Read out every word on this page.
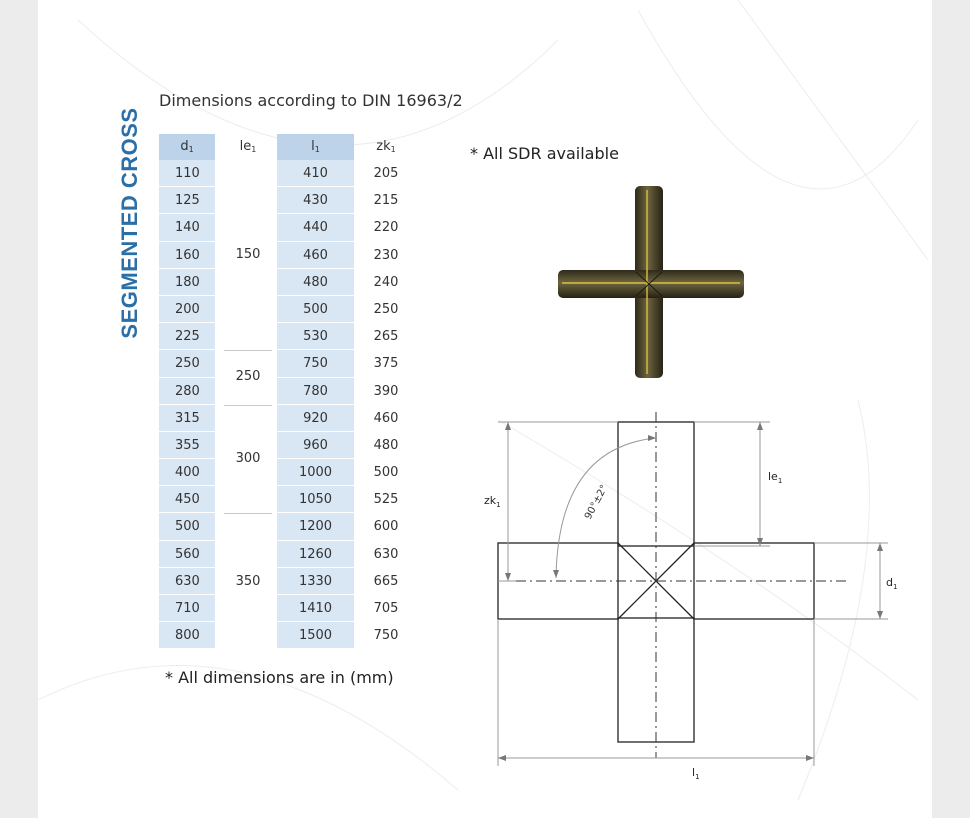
SEGMENTED CROSS
Dimensions according to DIN 16963/2
* All SDR available
$d_1$
110
125
140
160
180
200
225
250
280
315
355
400
450
500
560
630
710
800
$le_1$
150
250
300
350
$l_1$
410
430
440
460
480
500
530
750
780
920
960
1000
1050
1200
1260
1330
1410
1500
$zk_1$
205
215
220
230
240
250
265
375
390
460
480
500
525
600
630
665
705
750
* All dimensions are in (mm)
$zk_1$
$le_1$
$d_1$
$l_1$
90°±2°
